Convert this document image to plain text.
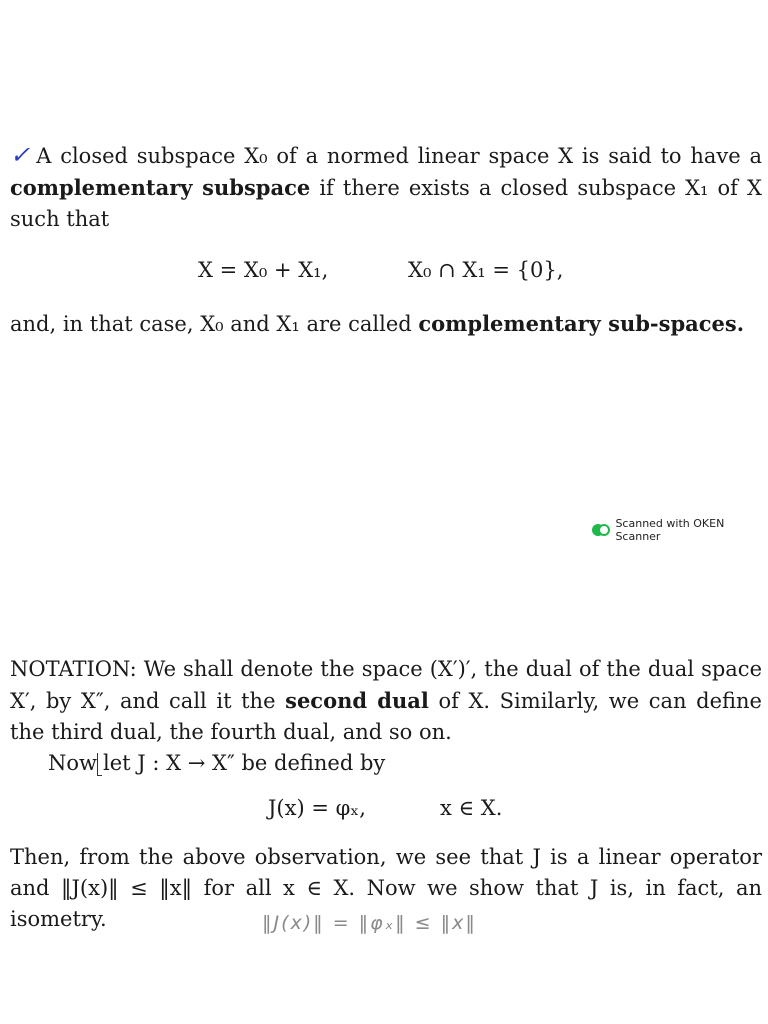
✓ A closed subspace X₀ of a normed linear space X is said to have a complementary subspace if there exists a closed subspace X₁ of X such that

X = X₀ + X₁,	X₀ ∩ X₁ = {0},

and, in that case, X₀ and X₁ are called complementary sub-spaces.

Scanned with OKEN Scanner

NOTATION: We shall denote the space (X′)′, the dual of the dual space X′, by X″, and call it the second dual of X. Similarly, we can define the third dual, the fourth dual, and so on.

Now let J : X → X″ be defined by

J(x) = φₓ,	x ∈ X.

Then, from the above observation, we see that J is a linear operator and ‖J(x)‖ ≤ ‖x‖ for all x ∈ X. Now we show that J is, in fact, an isometry.	‖J(x)‖ = ‖φₓ‖ ≤ ‖x‖
